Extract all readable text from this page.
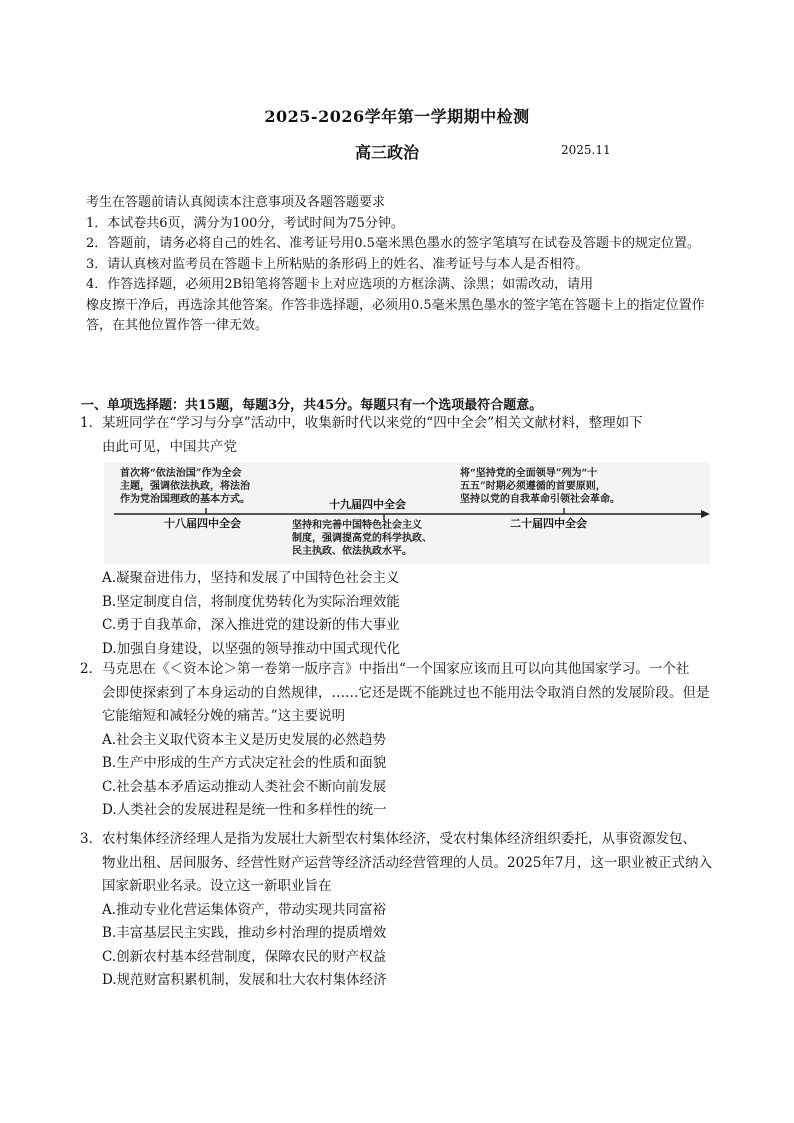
2025-2026学年第一学期期中检测
高三政治	2025.11

考生在答题前请认真阅读本注意事项及各题答题要求

1．本试卷共6页，满分为100分，考试时间为75分钟。

2．答题前，请务必将自己的姓名、准考证号用0.5毫米黑色墨水的签字笔填写在试卷及答题卡的规定位置。

3．请认真核对监考员在答题卡上所粘贴的条形码上的姓名、准考证号与本人是否相符。

4．作答选择题，必须用2B铅笔将答题卡上对应选项的方框涂满、涂黑；如需改动，请用

橡皮擦干净后，再选涂其他答案。作答非选择题，必须用0.5毫米黑色墨水的签字笔在答题卡上的指定位置作答，在其他位置作答一律无效。

一、单项选择题：共15题，每题3分，共45分。每题只有一个选项最符合题意。

1．某班同学在“学习与分享”活动中，收集新时代以来党的“四中全会”相关文献材料，整理如下
由此可见，中国共产党

A.凝聚奋进伟力，坚持和发展了中国特色社会主义

B.坚定制度自信，将制度优势转化为实际治理效能

C.勇于自我革命，深入推进党的建设新的伟大事业

D.加强自身建设，以坚强的领导推动中国式现代化

十八届四中全会
十九届四中全会
二十届四中全会
首次将“依法治国”作为全会
主题，强调依法执政，将法治
作为党治国理政的基本方式。
坚持和完善中国特色社会主义
制度，强调提高党的科学执政、
民主执政、依法执政水平。
将“坚持党的全面领导”列为“十
五五”时期必须遵循的首要原则，
坚持以党的自我革命引领社会革命。

2．马克思在《＜资本论＞第一卷第一版序言》中指出“一个国家应该而且可以向其他国家学习。一个社
会即使探索到了本身运动的自然规律，……它还是既不能跳过也不能用法令取消自然的发展阶段。但是它能缩短和减轻分娩的痛苦。”这主要说明

A.社会主义取代资本主义是历史发展的必然趋势

B.生产中形成的生产方式决定社会的性质和面貌

C.社会基本矛盾运动推动人类社会不断向前发展

D.人类社会的发展进程是统一性和多样性的统一

3．农村集体经济经理人是指为发展壮大新型农村集体经济，受农村集体经济组织委托，从事资源发包、
物业出租、居间服务、经营性财产运营等经济活动经营管理的人员。2025年7月，这一职业被正式纳入国家新职业名录。设立这一新职业旨在

A.推动专业化营运集体资产，带动实现共同富裕

B.丰富基层民主实践，推动乡村治理的提质增效

C.创新农村基本经营制度，保障农民的财产权益

D.规范财富积累机制，发展和壮大农村集体经济
